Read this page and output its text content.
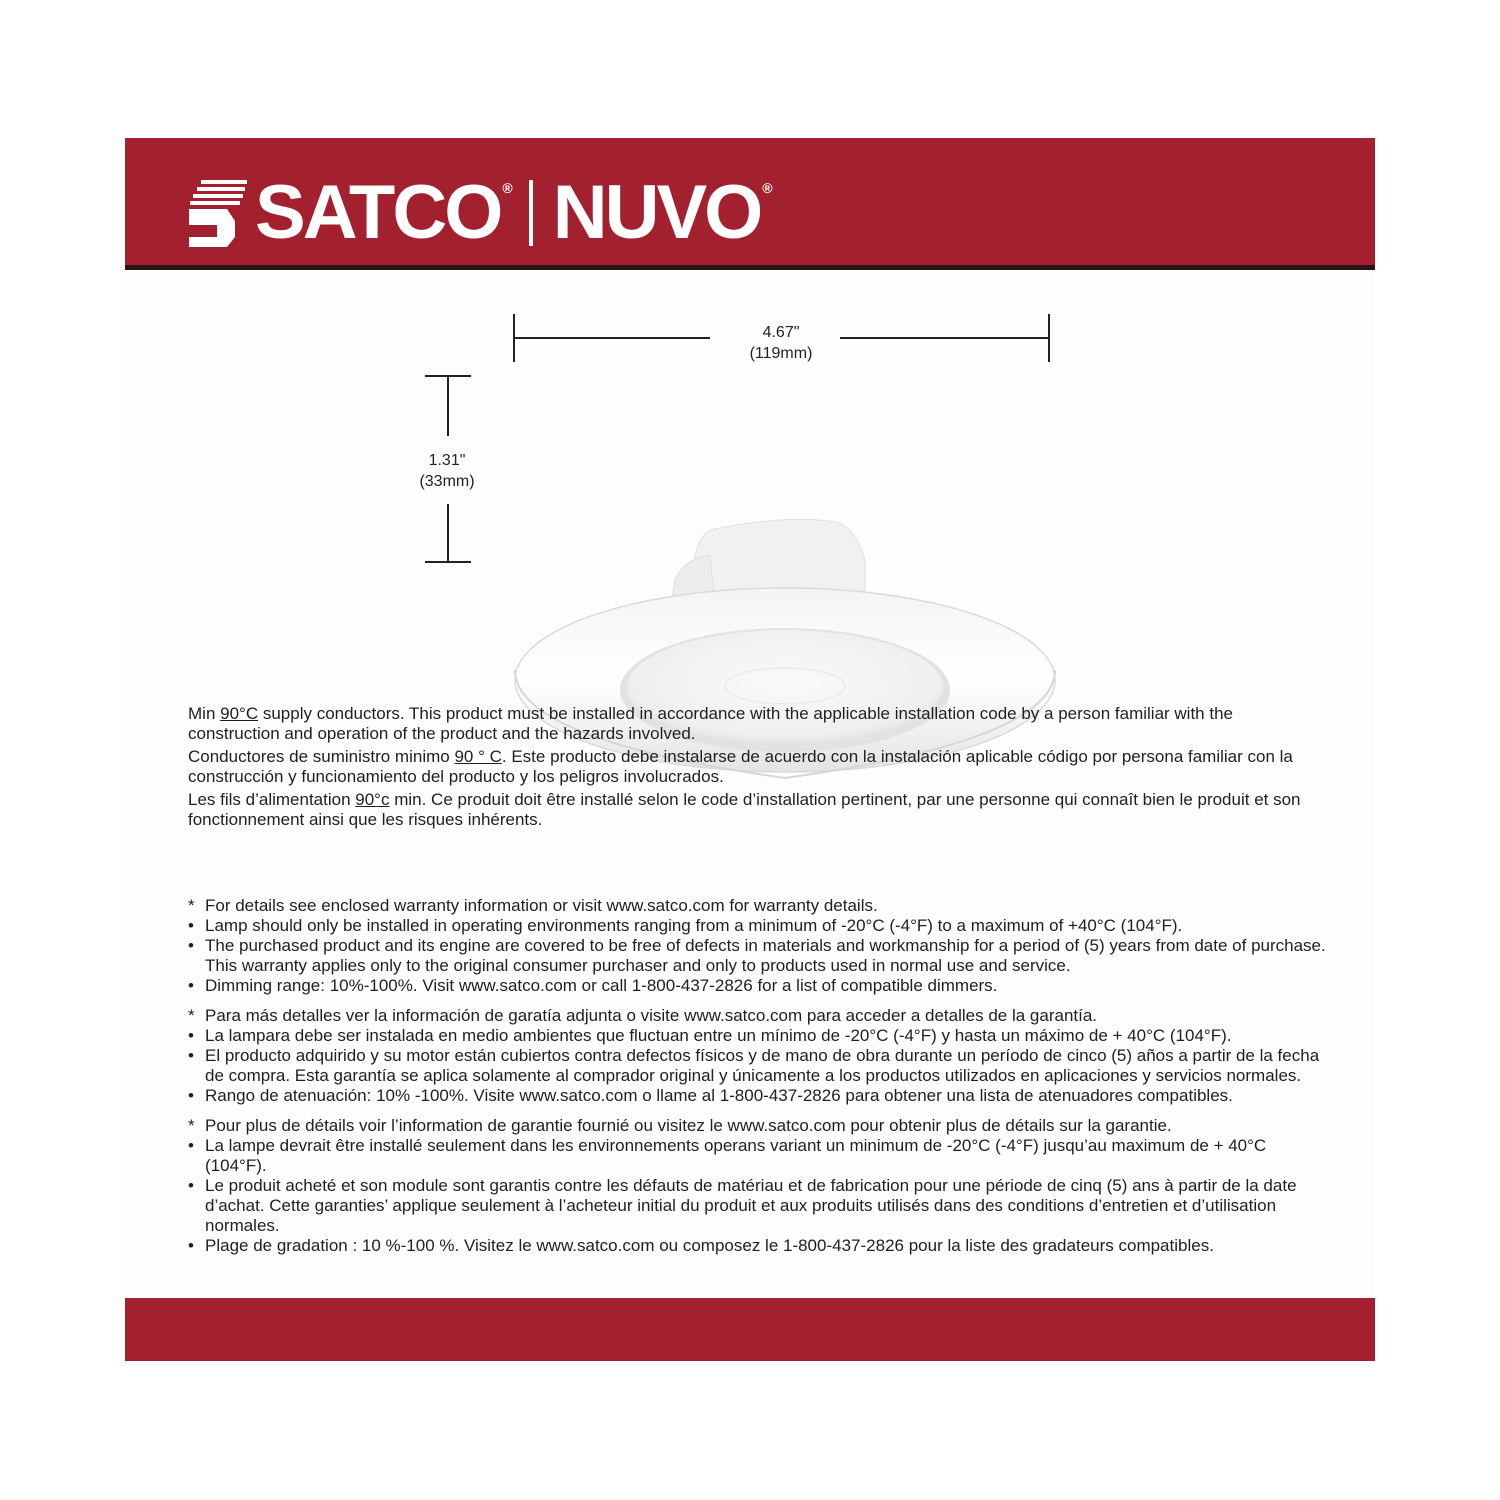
SATCO ® NUVO ®
4.67"
(119mm)
1.31"
(33mm)

Min 90°C supply conductors. This product must be installed in accordance with the applicable installation code by a person familiar with the construction and operation of the product and the hazards involved.

Conductores de suministro minimo 90 ° C. Este producto debe instalarse de acuerdo con la instalación aplicable código por persona familiar con la construcción y funcionamiento del producto y los peligros involucrados.

Les fils d’alimentation 90°c min. Ce produit doit être installé selon le code d’installation pertinent, par une personne qui connaît bien le produit et son fonctionnement ainsi que les risques inhérents.

* For details see enclosed warranty information or visit www.satco.com for warranty details.
• Lamp should only be installed in operating environments ranging from a minimum of -20°C (-4°F) to a maximum of +40°C (104°F).
• The purchased product and its engine are covered to be free of defects in materials and workmanship for a period of (5) years from date of purchase. This warranty applies only to the original consumer purchaser and only to products used in normal use and service.
• Dimming range: 10%-100%. Visit www.satco.com or call 1-800-437-2826 for a list of compatible dimmers.
* Para más detalles ver la información de garatía adjunta o visite www.satco.com para acceder a detalles de la garantía.
• La lampara debe ser instalada en medio ambientes que fluctuan entre un mínimo de -20°C (-4°F) y hasta un máximo de + 40°C (104°F).
• El producto adquirido y su motor están cubiertos contra defectos físicos y de mano de obra durante un período de cinco (5) años a partir de la fecha de compra. Esta garantía se aplica solamente al comprador original y únicamente a los productos utilizados en aplicaciones y servicios normales.
• Rango de atenuación: 10% -100%. Visite www.satco.com o llame al 1-800-437-2826 para obtener una lista de atenuadores compatibles.
* Pour plus de détails voir l’information de garantie fournié ou visitez le www.satco.com pour obtenir plus de détails sur la garantie.
• La lampe devrait être installé seulement dans les environnements operans variant un minimum de -20°C (-4°F) jusqu’au maximum de + 40°C (104°F).
• Le produit acheté et son module sont garantis contre les défauts de matériau et de fabrication pour une période de cinq (5) ans à partir de la date d’achat. Cette garanties’ applique seulement à l’acheteur initial du produit et aux produits utilisés dans des conditions d’entretien et d’utilisation normales.
• Plage de gradation : 10 %-100 %. Visitez le www.satco.com ou composez le 1-800-437-2826 pour la liste des gradateurs compatibles.
